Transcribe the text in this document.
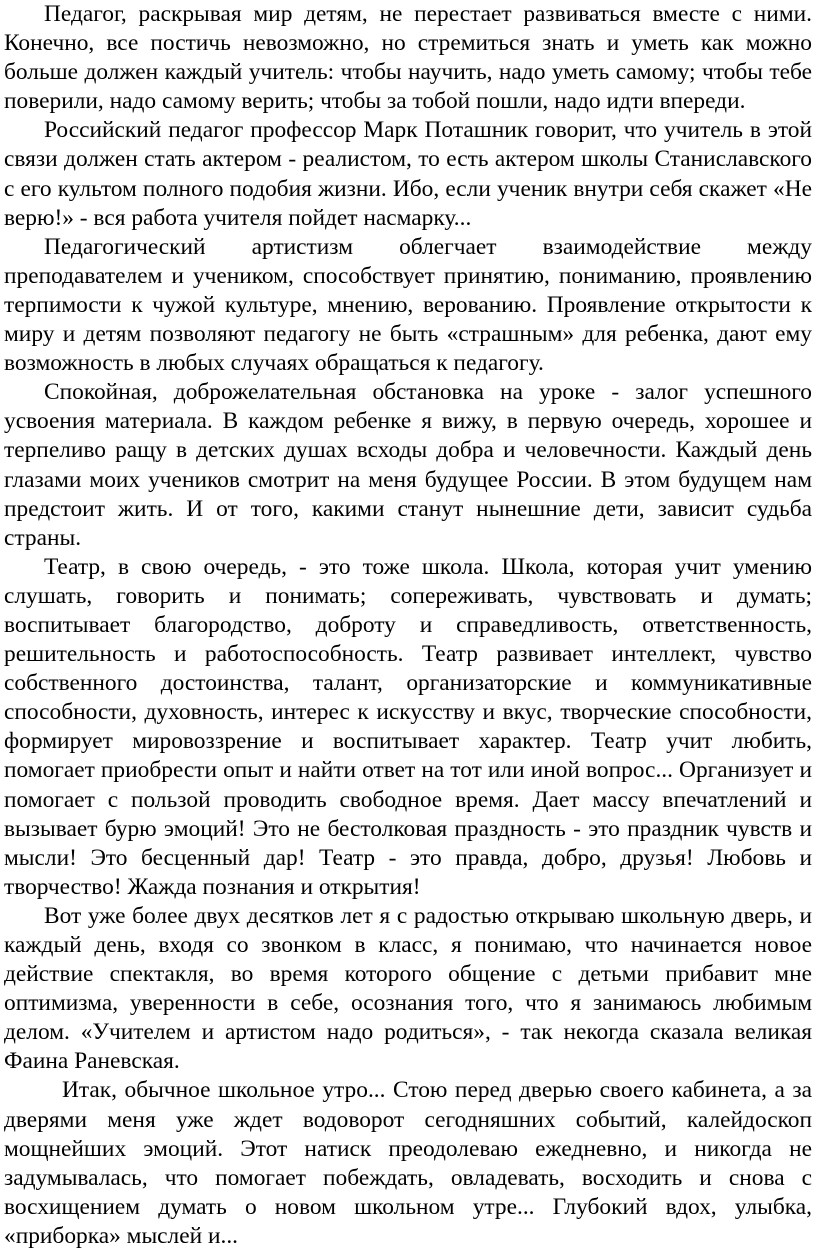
Педагог, раскрывая мир детям, не перестает развиваться вместе с ними. Конечно, все постичь невозможно, но стремиться знать и уметь как можно больше должен каждый учитель: чтобы научить, надо уметь самому; чтобы тебе поверили, надо самому верить; чтобы за тобой пошли, надо идти впереди.

Российский педагог профессор Марк Поташник говорит, что учитель в этой связи должен стать актером - реалистом, то есть актером школы Станиславского с его культом полного подобия жизни. Ибо, если ученик внутри себя скажет «Не верю!» - вся работа учителя пойдет насмарку...

Педагогический артистизм облегчает взаимодействие между преподавателем и учеником, способствует принятию, пониманию, проявлению терпимости к чужой культуре, мнению, верованию. Проявление открытости к миру и детям позволяют педагогу не быть «страшным» для ребенка, дают ему возможность в любых случаях обращаться к педагогу.

Спокойная, доброжелательная обстановка на уроке - залог успешного усвоения материала. В каждом ребенке я вижу, в первую очередь, хорошее и терпеливо ращу в детских душах всходы добра и человечности. Каждый день глазами моих учеников смотрит на меня будущее России. В этом будущем нам предстоит жить. И от того, какими станут нынешние дети, зависит судьба страны.

Театр, в свою очередь, - это тоже школа. Школа, которая учит умению слушать, говорить и понимать; сопереживать, чувствовать и думать; воспитывает благородство, доброту и справедливость, ответственность, решительность и работоспособность. Театр развивает интеллект, чувство собственного достоинства, талант, организаторские и коммуникативные способности, духовность, интерес к искусству и вкус, творческие способности, формирует мировоззрение и воспитывает характер. Театр учит любить, помогает приобрести опыт и найти ответ на тот или иной вопрос... Организует и помогает с пользой проводить свободное время. Дает массу впечатлений и вызывает бурю эмоций! Это не бестолковая праздность - это праздник чувств и мысли! Это бесценный дар! Театр - это правда, добро, друзья! Любовь и творчество! Жажда познания и открытия!

Вот уже более двух десятков лет я с радостью открываю школьную дверь, и каждый день, входя со звонком в класс, я понимаю, что начинается новое действие спектакля, во время которого общение с детьми прибавит мне оптимизма, уверенности в себе, осознания того, что я занимаюсь любимым делом. «Учителем и артистом надо родиться», - так некогда сказала великая Фаина Раневская.

Итак, обычное школьное утро... Стою перед дверью своего кабинета, а за дверями меня уже ждет водоворот сегодняшних событий, калейдоскоп мощнейших эмоций. Этот натиск преодолеваю ежедневно, и никогда не задумывалась, что помогает побеждать, овладевать, восходить и снова с восхищением думать о новом школьном утре... Глубокий вдох, улыбка, «приборка» мыслей и...
